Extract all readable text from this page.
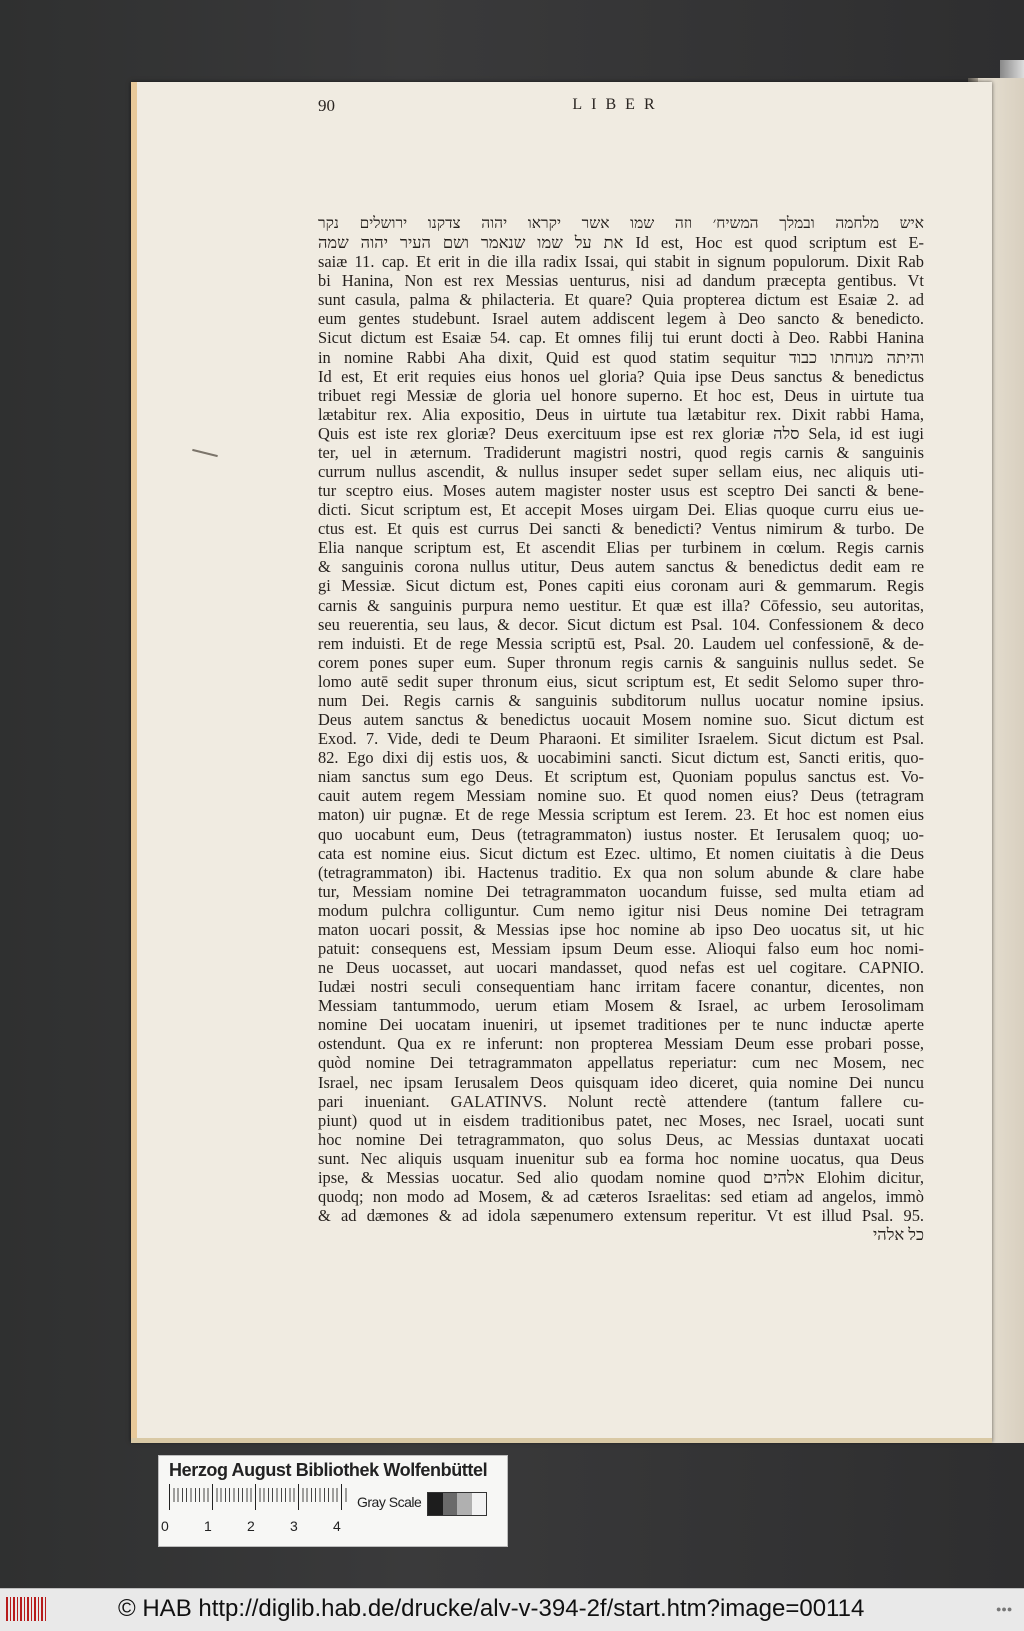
90	LIBER
איש מלחמה ובמלך המשיח׳ וזה שמו אשר יקראו יהוה צדקנו ירושלים נקר
את על שמו שנאמר ושם העיר יהוה שמה Id est, Hoc est quod scriptum est E-
saiæ 11. cap. Et erit in die illa radix Issai, qui stabit in signum populorum. Dixit Rab
bi Hanina, Non est rex Messias uenturus, nisi ad dandum præcepta gentibus. Vt
sunt casula, palma & philacteria. Et quare? Quia propterea dictum est Esaiæ 2. ad
eum gentes studebunt. Israel autem addiscent legem à Deo sancto & benedicto.
Sicut dictum est Esaiæ 54. cap. Et omnes filij tui erunt docti à Deo. Rabbi Hanina
in nomine Rabbi Aha dixit, Quid est quod statim sequitur והיתה מנוחתו כבוד
Id est, Et erit requies eius honos uel gloria? Quia ipse Deus sanctus & benedictus
tribuet regi Messiæ de gloria uel honore superno. Et hoc est, Deus in uirtute tua
lætabitur rex. Alia expositio, Deus in uirtute tua lætabitur rex. Dixit rabbi Hama,
Quis est iste rex gloriæ? Deus exercituum ipse est rex gloriæ סלה Sela, id est iugi
ter, uel in æternum. Tradiderunt magistri nostri, quod regis carnis & sanguinis
currum nullus ascendit, & nullus insuper sedet super sellam eius, nec aliquis uti-
tur sceptro eius. Moses autem magister noster usus est sceptro Dei sancti & bene-
dicti. Sicut scriptum est, Et accepit Moses uirgam Dei. Elias quoque curru eius ue-
ctus est. Et quis est currus Dei sancti & benedicti? Ventus nimirum & turbo. De
Elia nanque scriptum est, Et ascendit Elias per turbinem in cœlum. Regis carnis
& sanguinis corona nullus utitur, Deus autem sanctus & benedictus dedit eam re
gi Messiæ. Sicut dictum est, Pones capiti eius coronam auri & gemmarum. Regis
carnis & sanguinis purpura nemo uestitur. Et quæ est illa? Cōfessio, seu autoritas,
seu reuerentia, seu laus, & decor. Sicut dictum est Psal. 104. Confessionem & deco
rem induisti. Et de rege Messia scriptū est, Psal. 20. Laudem uel confessionē, & de-
corem pones super eum. Super thronum regis carnis & sanguinis nullus sedet. Se
lomo autē sedit super thronum eius, sicut scriptum est, Et sedit Selomo super thro-
num Dei. Regis carnis & sanguinis subditorum nullus uocatur nomine ipsius.
Deus autem sanctus & benedictus uocauit Mosem nomine suo. Sicut dictum est
Exod. 7. Vide, dedi te Deum Pharaoni. Et similiter Israelem. Sicut dictum est Psal.
82. Ego dixi dij estis uos, & uocabimini sancti. Sicut dictum est, Sancti eritis, quo-
niam sanctus sum ego Deus. Et scriptum est, Quoniam populus sanctus est. Vo-
cauit autem regem Messiam nomine suo. Et quod nomen eius? Deus (tetragram
maton) uir pugnæ. Et de rege Messia scriptum est Ierem. 23. Et hoc est nomen eius
quo uocabunt eum, Deus (tetragrammaton) iustus noster. Et Ierusalem quoq; uo-
cata est nomine eius. Sicut dictum est Ezec. ultimo, Et nomen ciuitatis à die Deus
(tetragrammaton) ibi. Hactenus traditio. Ex qua non solum abunde & clare habe
tur, Messiam nomine Dei tetragrammaton uocandum fuisse, sed multa etiam ad
modum pulchra colliguntur. Cum nemo igitur nisi Deus nomine Dei tetragram
maton uocari possit, & Messias ipse hoc nomine ab ipso Deo uocatus sit, ut hic
patuit: consequens est, Messiam ipsum Deum esse. Alioqui falso eum hoc nomi-
ne Deus uocasset, aut uocari mandasset, quod nefas est uel cogitare. CAPNIO.
Iudæi nostri seculi consequentiam hanc irritam facere conantur, dicentes, non
Messiam tantummodo, uerum etiam Mosem & Israel, ac urbem Ierosolimam
nomine Dei uocatam inueniri, ut ipsemet traditiones per te nunc inductæ aperte
ostendunt. Qua ex re inferunt: non propterea Messiam Deum esse probari posse,
quòd nomine Dei tetragrammaton appellatus reperiatur: cum nec Mosem, nec
Israel, nec ipsam Ierusalem Deos quisquam ideo diceret, quia nomine Dei nuncu
pari inueniant. GALATINVS. Nolunt rectè attendere (tantum fallere cu-
piunt) quod ut in eisdem traditionibus patet, nec Moses, nec Israel, uocati sunt
hoc nomine Dei tetragrammaton, quo solus Deus, ac Messias duntaxat uocati
sunt. Nec aliquis usquam inuenitur sub ea forma hoc nomine uocatus, qua Deus
ipse, & Messias uocatur. Sed alio quodam nomine quod אלהים Elohim dicitur,
quodq; non modo ad Mosem, & ad cæteros Israelitas: sed etiam ad angelos, immò
& ad dæmones & ad idola sæpenumero extensum reperitur. Vt est illud Psal. 95.
כל אלהי
Herzog August Bibliothek Wolfenbüttel
0	1	2	3	4
Gray Scale
© HAB http://diglib.hab.de/drucke/alv-v-394-2f/start.htm?image=00114	●●●
